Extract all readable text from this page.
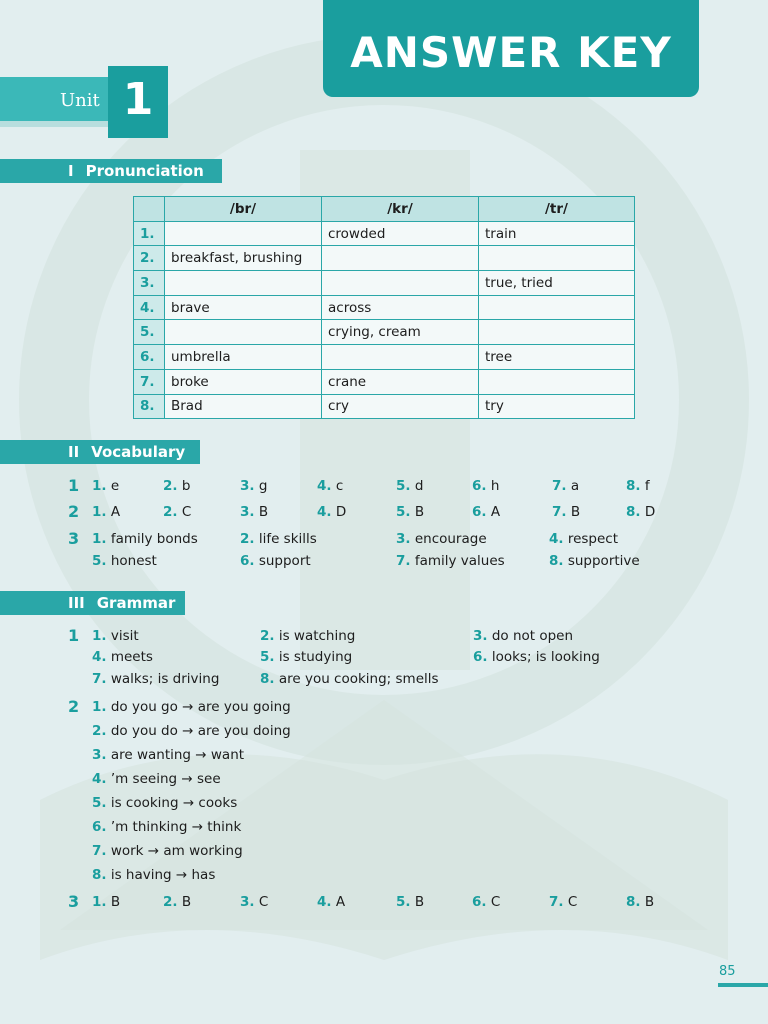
ANSWER KEY
Unit 1
I Pronunciation
	/br/	/kr/	/tr/
1.		crowded	train
2.	breakfast, brushing		
3.			true, tried
4.	brave	across	
5.		crying, cream	
6.	umbrella		tree
7.	broke	crane	
8.	Brad	cry	try
II Vocabulary
1 1. e	2. b	3. g	4. c	5. d	6. h	7. a	8. f
2 1. A	2. C	3. B	4. D	5. B	6. A	7. B	8. D
3 1. family bonds	2. life skills	3. encourage	4. respect
5. honest	6. support	7. family values	8. supportive
III Grammar
1 1. visit	2. is watching	3. do not open
4. meets	5. is studying	6. looks; is looking
7. walks; is driving	8. are you cooking; smells
2 1. do you go → are you going
2. do you do → are you doing
3. are wanting → want
4. ’m seeing → see
5. is cooking → cooks
6. ’m thinking → think
7. work → am working
8. is having → has
3 1. B	2. B	3. C	4. A	5. B	6. C	7. C	8. B
85
